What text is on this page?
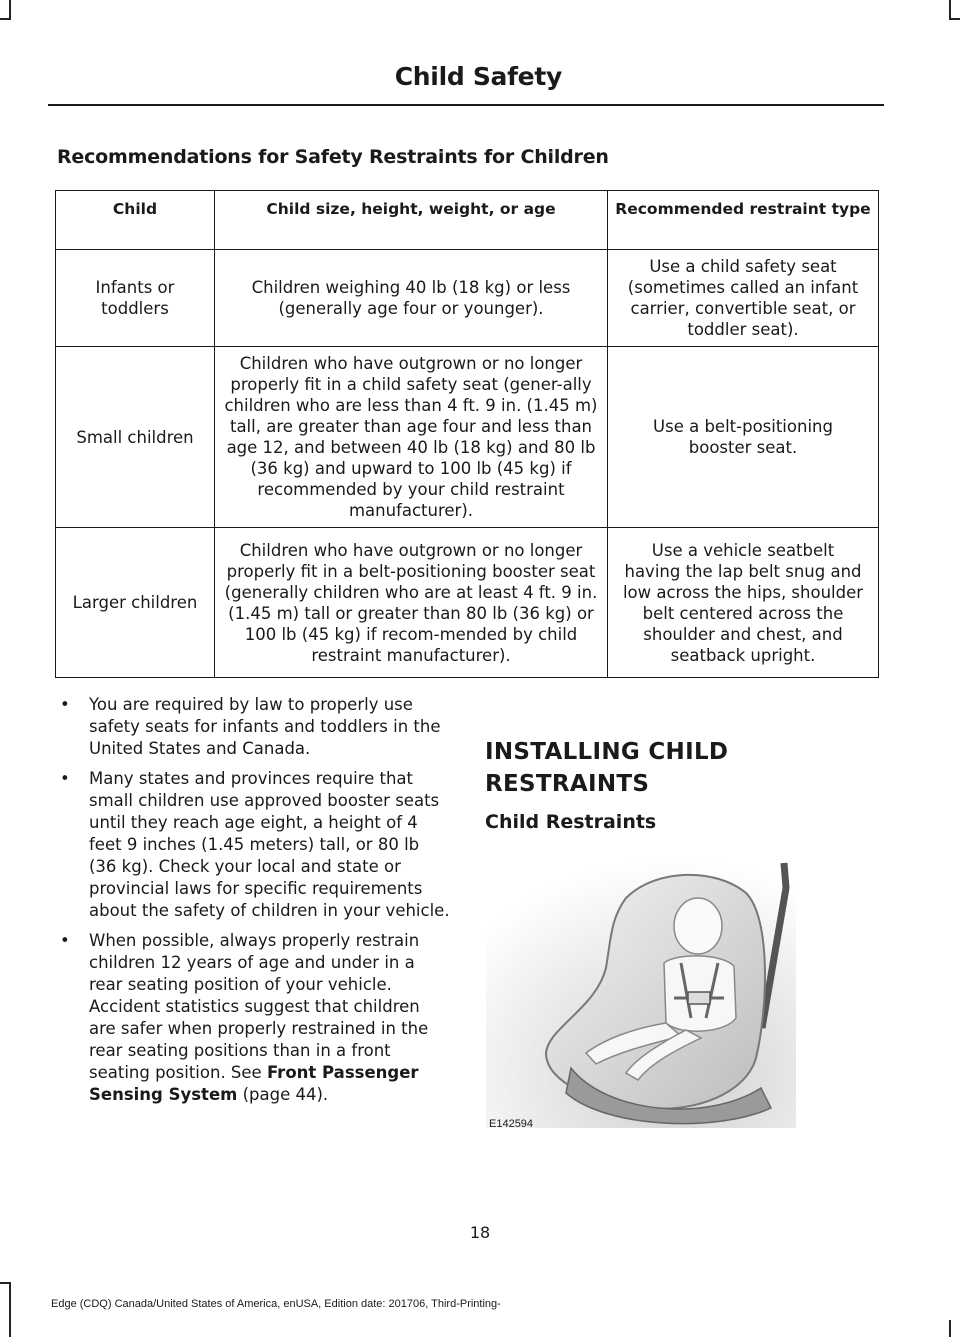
Child Safety
Recommendations for Safety Restraints for Children
Child	Child size, height, weight, or age	Recommended restraint type
Infants or toddlers	Children weighing 40 lb (18 kg) or less (generally age four or younger).	Use a child safety seat (sometimes called an infant carrier, convertible seat, or toddler seat).
Small children	Children who have outgrown or no longer properly fit in a child safety seat (gener-ally children who are less than 4 ft. 9 in. (1.45 m) tall, are greater than age four and less than age 12, and between 40 lb (18 kg) and 80 lb (36 kg) and upward to 100 lb (45 kg) if recommended by your child restraint manufacturer).	Use a belt-positioning booster seat.
Larger children	Children who have outgrown or no longer properly fit in a belt-positioning booster seat (generally children who are at least 4 ft. 9 in. (1.45 m) tall or greater than 80 lb (36 kg) or 100 lb (45 kg) if recom-mended by child restraint manufacturer).	Use a vehicle seatbelt having the lap belt snug and low across the hips, shoulder belt centered across the shoulder and chest, and seatback upright.
• You are required by law to properly use safety seats for infants and toddlers in the United States and Canada.
• Many states and provinces require that small children use approved booster seats until they reach age eight, a height of 4 feet 9 inches (1.45 meters) tall, or 80 lb (36 kg). Check your local and state or provincial laws for specific requirements about the safety of children in your vehicle.
• When possible, always properly restrain children 12 years of age and under in a rear seating position of your vehicle. Accident statistics suggest that children are safer when properly restrained in the rear seating positions than in a front seating position. See Front Passenger Sensing System (page 44).
INSTALLING CHILD RESTRAINTS
Child Restraints
E142594
18
Edge (CDQ) Canada/United States of America, enUSA, Edition date: 201706, Third-Printing-
